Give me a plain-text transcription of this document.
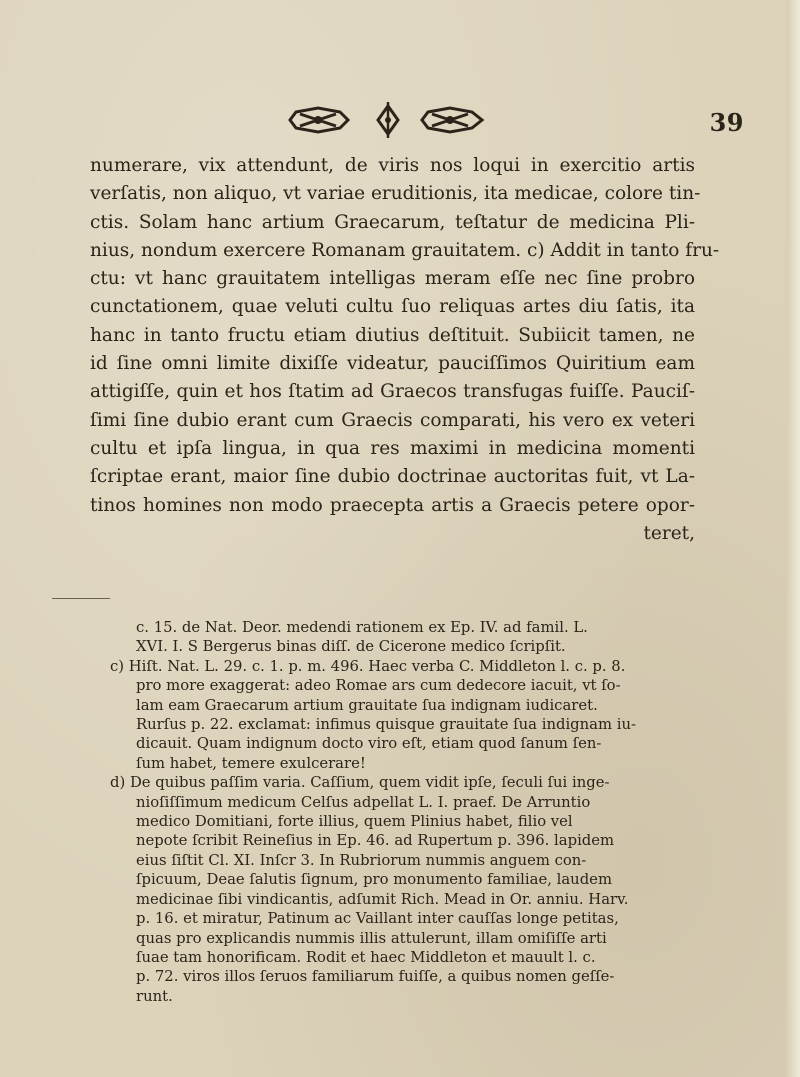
39
numerare, vix attendunt, de viris nos loqui in exercitio artis
verſatis, non aliquo, vt variae eruditionis, ita medicae, colore tin-
ctis. Solam hanc artium Graecarum, teſtatur de medicina Pli-
nius, nondum exercere Romanam grauitatem. c) Addit in tanto fru-
ctu: vt hanc grauitatem intelligas meram eſſe nec ſine probro
cunctationem, quae veluti cultu ſuo reliquas artes diu ſatis, ita
hanc in tanto fructu etiam diutius deſtituit. Subiicit tamen, ne
id ſine omni limite dixiſſe videatur, pauciſſimos Quiritium eam
attigiſſe, quin et hos ſtatim ad Graecos transfugas fuiſſe. Pauciſ-
ſimi ſine dubio erant cum Graecis comparati, his vero ex veteri
cultu et ipſa lingua, in qua res maximi in medicina momenti
ſcriptae erant, maior ſine dubio doctrinae auctoritas fuit, vt La-
tinos homines non modo praecepta artis a Graecis petere opor-
teret,
c. 15. de Nat. Deor. medendi rationem ex Ep. IV. ad famil. L.
XVI. I. S Bergerus binas diſſ. de Cicerone medico ſcripſit.
c) Hiſt. Nat. L. 29. c. 1. p. m. 496. Haec verba C. Middleton l. c. p. 8.
pro more exaggerat: adeo Romae ars cum dedecore iacuit, vt ſo-
lam eam Graecarum artium grauitate ſua indignam iudicaret.
Rurſus p. 22. exclamat: infimus quisque grauitate ſua indignam iu-
dicauit. Quam indignum docto viro eſt, etiam quod ſanum ſen-
ſum habet, temere exulcerare!
d) De quibus paſſim varia. Caſſium, quem vidit ipſe, ſeculi ſui inge-
nioſiſſimum medicum Celſus adpellat L. I. praef. De Arruntio
medico Domitiani, forte illius, quem Plinius habet, filio vel
nepote ſcribit Reineſius in Ep. 46. ad Rupertum p. 396. lapidem
eius ſiſtit Cl. XI. Inſcr 3. In Rubriorum nummis anguem con-
ſpicuum, Deae ſalutis ſignum, pro monumento familiae, laudem
medicinae ſibi vindicantis, adſumit Rich. Mead in Or. anniu. Harv.
p. 16. et miratur, Patinum ac Vaillant inter cauſſas longe petitas,
quas pro explicandis nummis illis attulerunt, illam omiſiſſe arti
ſuae tam honorificam. Rodit et haec Middleton et mauult l. c.
p. 72. viros illos ſeruos familiarum fuiſſe, a quibus nomen geſſe-
runt.
